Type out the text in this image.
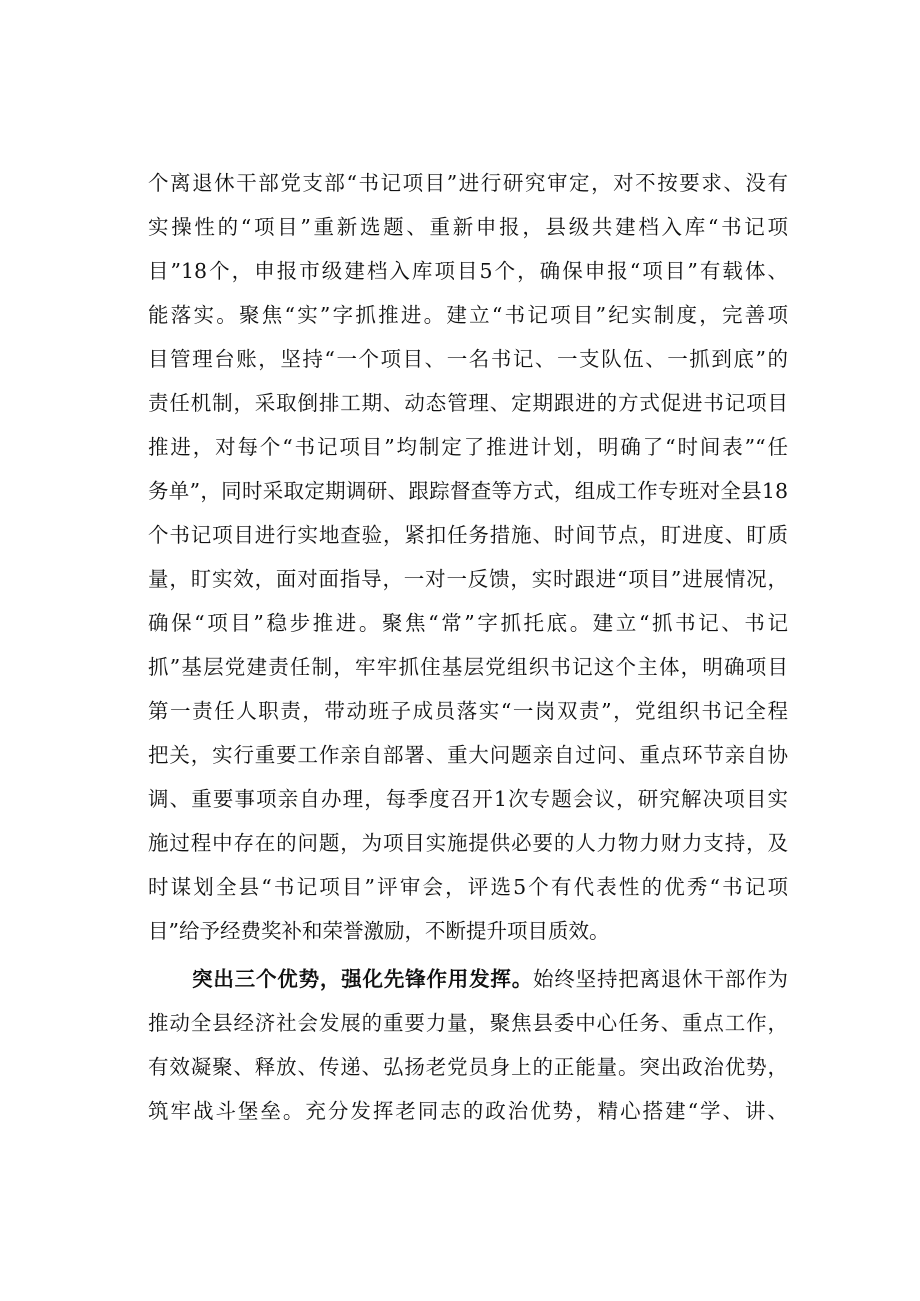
个离退休干部党支部“书记项目”进行研究审定，对不按要求、没有
实操性的“项目”重新选题、重新申报，县级共建档入库“书记项
目”18个，申报市级建档入库项目5个，确保申报“项目”有载体、
能落实。聚焦“实”字抓推进。建立“书记项目”纪实制度，完善项
目管理台账，坚持“一个项目、一名书记、一支队伍、一抓到底”的
责任机制，采取倒排工期、动态管理、定期跟进的方式促进书记项目
推进，对每个“书记项目”均制定了推进计划，明确了“时间表”“任
务单”，同时采取定期调研、跟踪督查等方式，组成工作专班对全县18
个书记项目进行实地查验，紧扣任务措施、时间节点，盯进度、盯质
量，盯实效，面对面指导，一对一反馈，实时跟进“项目”进展情况，
确保“项目”稳步推进。聚焦“常”字抓托底。建立“抓书记、书记
抓”基层党建责任制，牢牢抓住基层党组织书记这个主体，明确项目
第一责任人职责，带动班子成员落实“一岗双责”，党组织书记全程
把关，实行重要工作亲自部署、重大问题亲自过问、重点环节亲自协
调、重要事项亲自办理，每季度召开1次专题会议，研究解决项目实
施过程中存在的问题，为项目实施提供必要的人力物力财力支持，及
时谋划全县“书记项目”评审会，评选5个有代表性的优秀“书记项
目”给予经费奖补和荣誉激励，不断提升项目质效。
突出三个优势，强化先锋作用发挥。始终坚持把离退休干部作为
推动全县经济社会发展的重要力量，聚焦县委中心任务、重点工作，
有效凝聚、释放、传递、弘扬老党员身上的正能量。突出政治优势，
筑牢战斗堡垒。充分发挥老同志的政治优势，精心搭建“学、讲、
